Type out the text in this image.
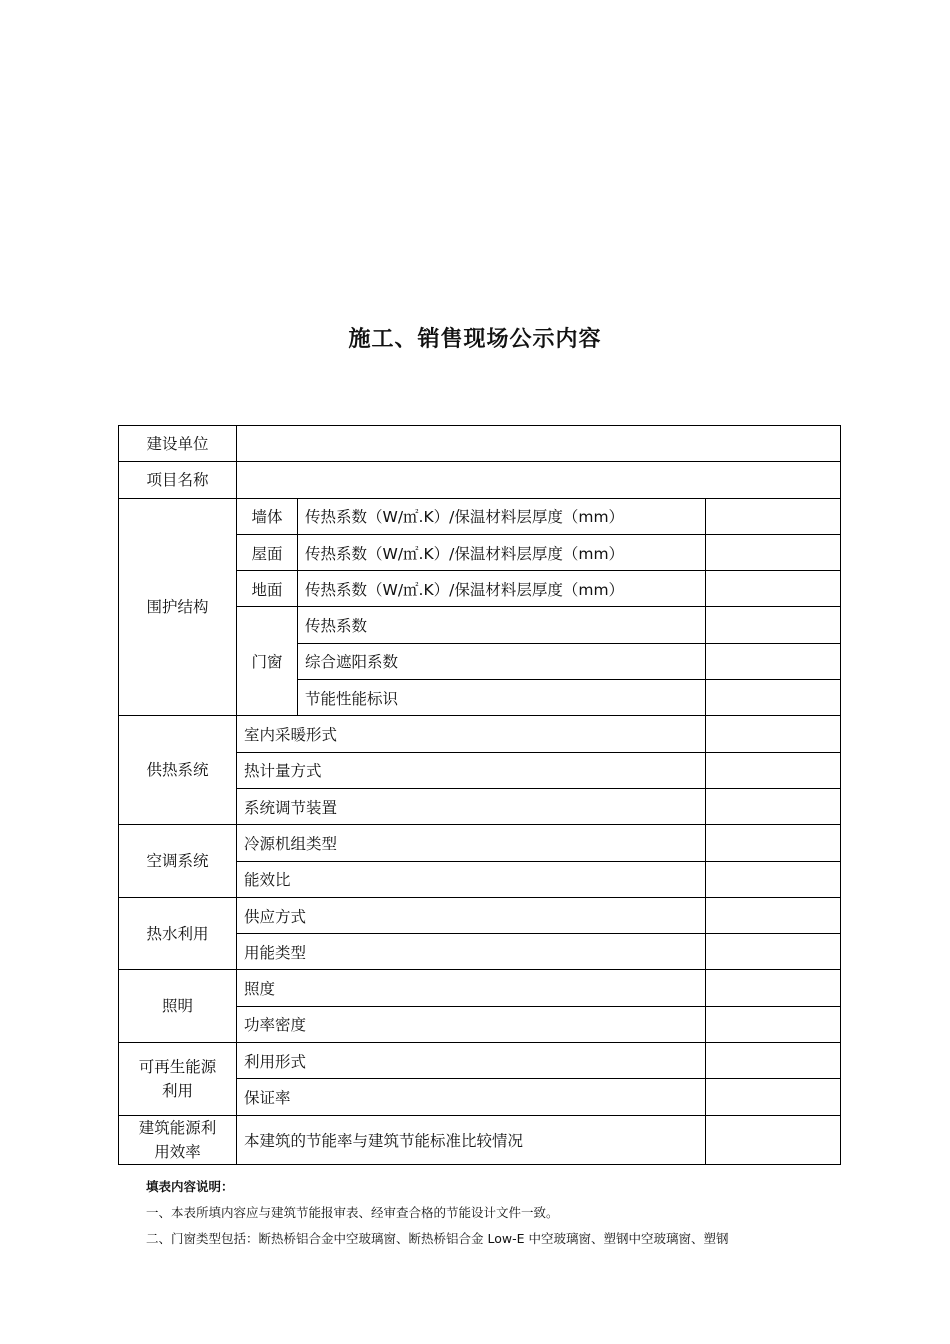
施工、销售现场公示内容
建设单位			
项目名称			
围护结构	墙体	传热系数（W/㎡.K）/保温材料层厚度（mm）	
	屋面	传热系数（W/㎡.K）/保温材料层厚度（mm）	
	地面	传热系数（W/㎡.K）/保温材料层厚度（mm）	
	门窗	传热系数	
		综合遮阳系数	
		节能性能标识	
供热系统	室内采暖形式		
	热计量方式		
	系统调节装置		
空调系统	冷源机组类型		
	能效比		
热水利用	供应方式		
	用能类型		
照明	照度		
	功率密度		
可再生能源
利用	利用形式		
	保证率		
建筑能源利
用效率	本建筑的节能率与建筑节能标准比较情况		

填表内容说明：

一、本表所填内容应与建筑节能报审表、经审查合格的节能设计文件一致。

二、门窗类型包括：断热桥铝合金中空玻璃窗、断热桥铝合金 Low-E 中空玻璃窗、塑钢中空玻璃窗、塑钢
